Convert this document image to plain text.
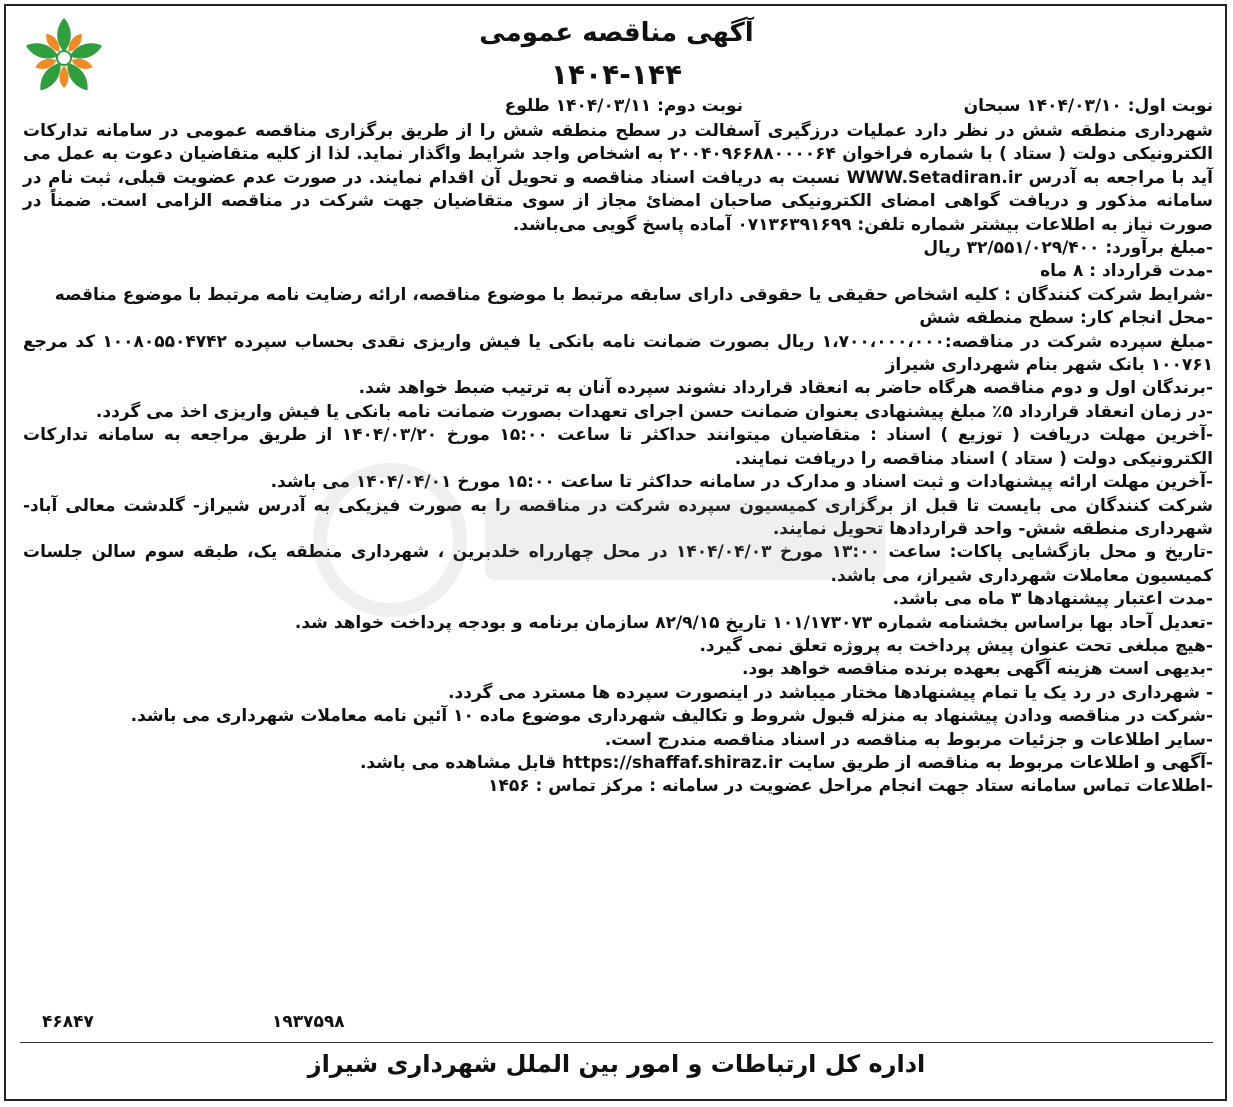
آگهی مناقصه عمومی
۱۴۰۴-۱۴۴
نوبت اول: ۱۴۰۴/۰۳/۱۰ سبحان
نوبت دوم: ۱۴۰۴/۰۳/۱۱ طلوع

شهرداری منطقه شش در نظر دارد عملیات درزگیری آسفالت در سطح منطقه شش را از طریق برگزاری مناقصه عمومی در سامانه تدارکات الکترونیکی دولت ( ستاد ) با شماره فراخوان ۲۰۰۴۰۹۶۶۸۸۰۰۰۰۶۴ به اشخاص واجد شرایط واگذار نماید. لذا از کلیه متقاضیان دعوت به عمل می آید با مراجعه به آدرس WWW.Setadiran.ir نسبت به دریافت اسناد مناقصه و تحویل آن اقدام نمایند. در صورت عدم عضویت قبلی، ثبت نام در سامانه مذکور و دریافت گواهی امضای الکترونیکی صاحبان امضائ مجاز از سوی متقاضیان جهت شرکت در مناقصه الزامی است. ضمناً در صورت نیاز به اطلاعات بیشتر شماره تلفن: ۰۷۱۳۶۳۹۱۶۹۹ آماده پاسخ گویی می‌باشد.

-مبلغ برآورد: ۳۲/۵۵۱/۰۲۹/۴۰۰ ریال

-مدت قرارداد : ۸ ماه

-شرایط شرکت کنندگان : کلیه اشخاص حقیقی یا حقوقی دارای سابقه مرتبط با موضوع مناقصه، ارائه رضایت نامه مرتبط با موضوع مناقصه

-محل انجام کار: سطح منطقه شش

-مبلغ سپرده شرکت در مناقصه:۱،۷۰۰،۰۰۰،۰۰۰ ریال بصورت ضمانت نامه بانکی یا فیش واریزی نقدی بحساب سپرده ۱۰۰۸۰۵۵۰۴۷۴۲ کد مرجع ۱۰۰۷۶۱ بانک شهر بنام شهرداری شیراز

-برندگان اول و دوم مناقصه هرگاه حاضر به انعقاد قرارداد نشوند سپرده آنان به ترتیب ضبط خواهد شد.

-در زمان انعقاد قرارداد ۵٪ مبلغ پیشنهادی بعنوان ضمانت حسن اجرای تعهدات بصورت ضمانت نامه بانکی یا فیش واریزی اخذ می گردد.

-آخرین مهلت دریافت ( توزیع ) اسناد : متقاضیان میتوانند حداکثر تا ساعت ۱۵:۰۰ مورخ ۱۴۰۴/۰۳/۲۰ از طریق مراجعه به سامانه تدارکات الکترونیکی دولت ( ستاد ) اسناد مناقصه را دریافت نمایند.

-آخرین مهلت ارائه پیشنهادات و ثبت اسناد و مدارک در سامانه حداکثر تا ساعت ۱۵:۰۰ مورخ ۱۴۰۴/۰۴/۰۱ می باشد.

شرکت کنندگان می بایست تا قبل از برگزاری کمیسیون سپرده شرکت در مناقصه را به صورت فیزیکی به آدرس شیراز- گلدشت معالی آباد- شهرداری منطقه شش- واحد قراردادها تحویل نمایند.

-تاریخ و محل بازگشایی پاکات: ساعت ۱۳:۰۰ مورخ ۱۴۰۴/۰۴/۰۳ در محل چهارراه خلدبرین ، شهرداری منطقه یک، طبقه سوم سالن جلسات کمیسیون معاملات شهرداری شیراز، می باشد.

-مدت اعتبار پیشنهادها ۳ ماه می باشد.

-تعدیل آحاد بها براساس بخشنامه شماره ۱۰۱/۱۷۳۰۷۳ تاریخ ۸۲/۹/۱۵ سازمان برنامه و بودجه پرداخت خواهد شد.

-هیچ مبلغی تحت عنوان پیش پرداخت به پروژه تعلق نمی گیرد.

-بدیهی است هزینه آگهی بعهده برنده مناقصه خواهد بود.

- شهرداری در رد یک یا تمام پیشنهادها مختار میباشد در اینصورت سپرده ها مسترد می گردد.

-شرکت در مناقصه ودادن پیشنهاد به منزله قبول شروط و تکالیف شهرداری موضوع ماده ۱۰ آئین نامه معاملات شهرداری می باشد.

-سایر اطلاعات و جزئیات مربوط به مناقصه در اسناد مناقصه مندرج است.

-آگهی و اطلاعات مربوط به مناقصه از طریق سایت https://shaffaf.shiraz.ir قابل مشاهده می باشد.

-اطلاعات تماس سامانه ستاد جهت انجام مراحل عضویت در سامانه : مرکز تماس : ۱۴۵۶

۴۶۸۴۷	۱۹۳۷۵۹۸
اداره کل ارتباطات و امور بین الملل شهرداری شیراز
